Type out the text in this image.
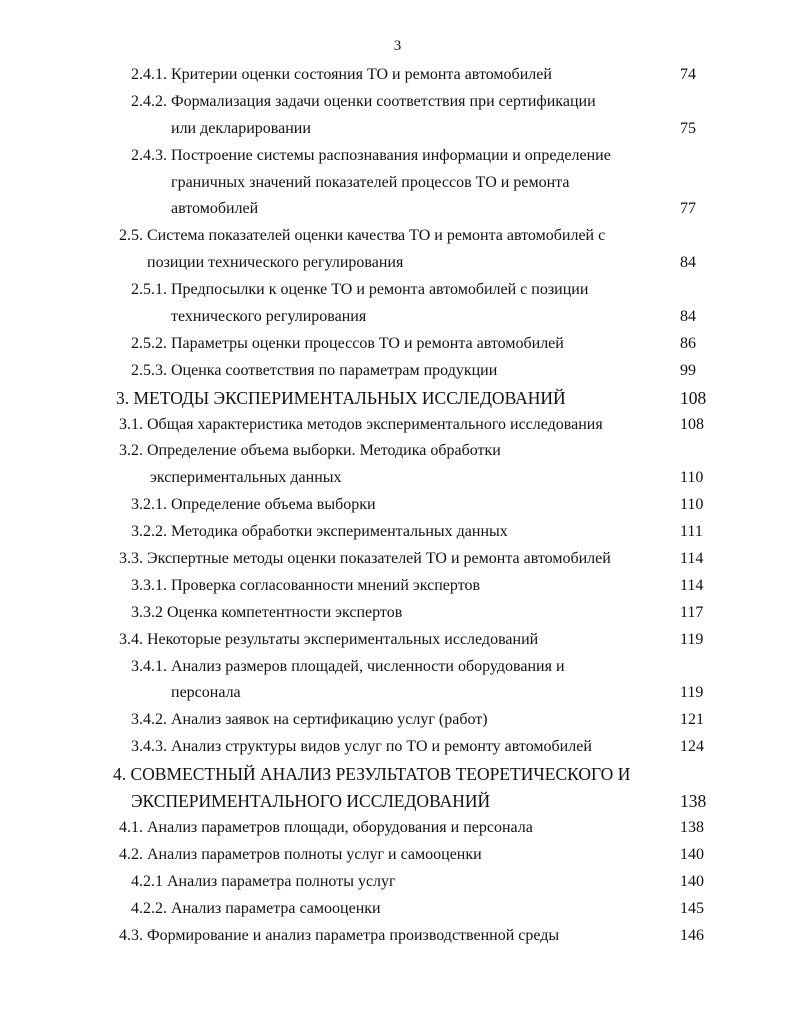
3
2.4.1. Критерии оценки состояния ТО и ремонта автомобилей	74
2.4.2. Формализация задачи оценки соответствия при сертификации
или декларировании	75
2.4.3. Построение системы распознавания информации и определение
граничных значений показателей процессов ТО и ремонта
автомобилей	77
2.5. Система показателей оценки качества ТО и ремонта автомобилей с
позиции технического регулирования	84
2.5.1. Предпосылки к оценке ТО и ремонта автомобилей с позиции
технического регулирования	84
2.5.2. Параметры оценки процессов ТО и ремонта автомобилей	86
2.5.3. Оценка соответствия по параметрам продукции	99
3. МЕТОДЫ ЭКСПЕРИМЕНТАЛЬНЫХ ИССЛЕДОВАНИЙ	108
3.1. Общая характеристика методов экспериментального исследования	108
3.2. Определение объема выборки. Методика обработки
экспериментальных данных	110
3.2.1. Определение объема выборки	110
3.2.2. Методика обработки экспериментальных данных	111
3.3. Экспертные методы оценки показателей ТО и ремонта автомобилей	114
3.3.1. Проверка согласованности мнений экспертов	114
3.3.2 Оценка компетентности экспертов	117
3.4. Некоторые результаты экспериментальных исследований	119
3.4.1. Анализ размеров площадей, численности оборудования и
персонала	119
3.4.2. Анализ заявок на сертификацию услуг (работ)	121
3.4.3. Анализ структуры видов услуг по ТО и ремонту автомобилей	124
4. СОВМЕСТНЫЙ АНАЛИЗ РЕЗУЛЬТАТОВ ТЕОРЕТИЧЕСКОГО И
ЭКСПЕРИМЕНТАЛЬНОГО ИССЛЕДОВАНИЙ	138
4.1. Анализ параметров площади, оборудования и персонала	138
4.2. Анализ параметров полноты услуг и самооценки	140
4.2.1 Анализ параметра полноты услуг	140
4.2.2. Анализ параметра самооценки	145
4.3. Формирование и анализ параметра производственной среды	146
